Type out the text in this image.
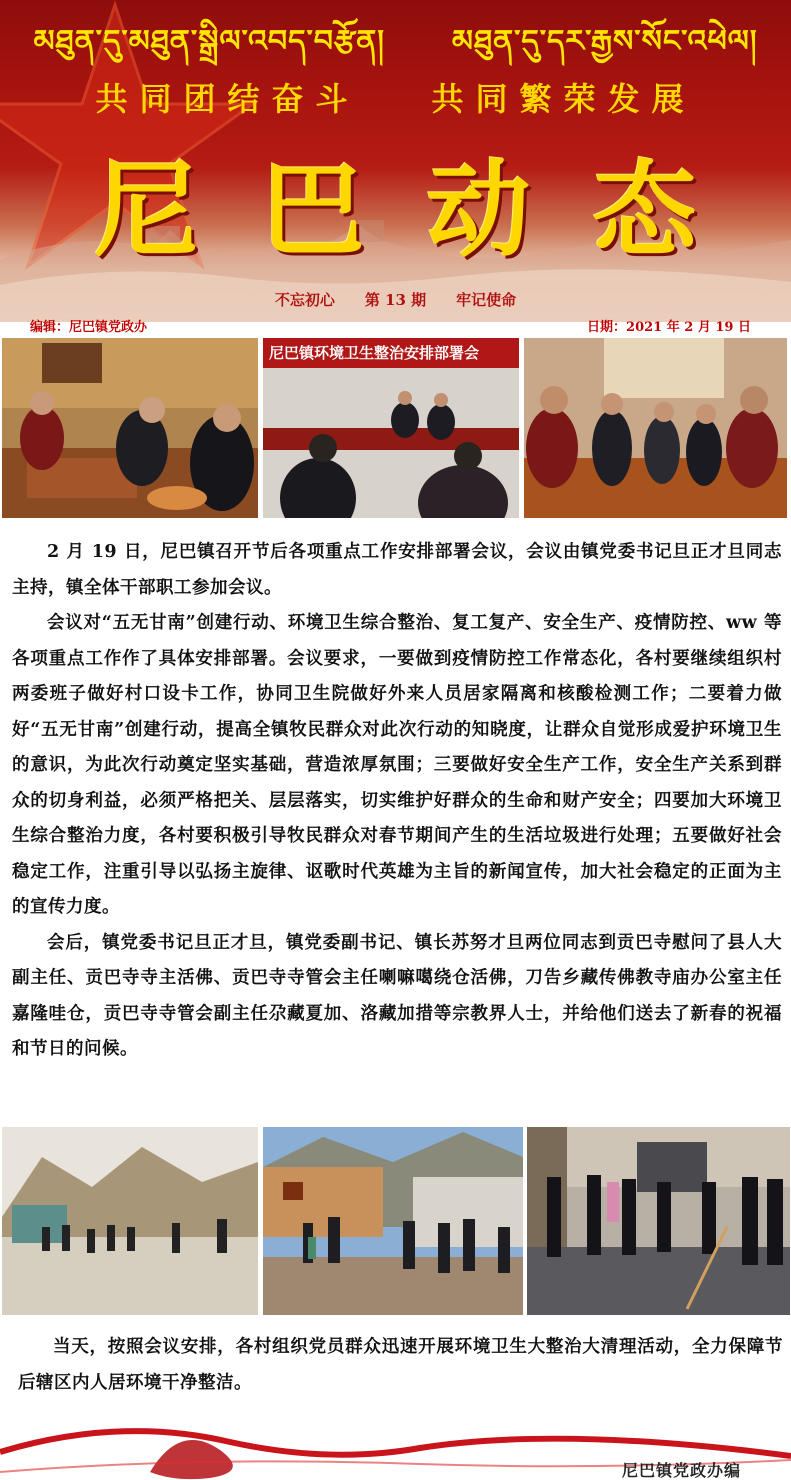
མཐུན་དུ་མཐུན་སྒྲིལ་འབད་བརྩོན། མཐུན་དུ་དར་རྒྱས་སོང་འཕེལ།
共同团结奋斗 共同繁荣发展
尼 巴 动 态
不忘初心 第 13 期 牢记使命
编辑：尼巴镇党政办	日期：2021 年 2 月 19 日
尼巴镇环境卫生整治安排部署会

2 月 19 日，尼巴镇召开节后各项重点工作安排部署会议，会议由镇党委书记旦正才旦同志主持，镇全体干部职工参加会议。

会议对“五无甘南”创建行动、环境卫生综合整治、复工复产、安全生产、疫情防控、ww 等各项重点工作作了具体安排部署。会议要求，一要做到疫情防控工作常态化，各村要继续组织村两委班子做好村口设卡工作，协同卫生院做好外来人员居家隔离和核酸检测工作；二要着力做好“五无甘南”创建行动，提高全镇牧民群众对此次行动的知晓度，让群众自觉形成爱护环境卫生的意识，为此次行动奠定坚实基础，营造浓厚氛围；三要做好安全生产工作，安全生产关系到群众的切身利益，必须严格把关、层层落实，切实维护好群众的生命和财产安全；四要加大环境卫生综合整治力度，各村要积极引导牧民群众对春节期间产生的生活垃圾进行处理；五要做好社会稳定工作，注重引导以弘扬主旋律、讴歌时代英雄为主旨的新闻宣传，加大社会稳定的正面为主的宣传力度。

会后，镇党委书记旦正才旦，镇党委副书记、镇长苏努才旦两位同志到贡巴寺慰问了县人大副主任、贡巴寺寺主活佛、贡巴寺寺管会主任喇嘛噶绕仓活佛，刀告乡藏传佛教寺庙办公室主任嘉隆哇仓，贡巴寺寺管会副主任尕藏夏加、洛藏加措等宗教界人士，并给他们送去了新春的祝福和节日的问候。

当天，按照会议安排，各村组织党员群众迅速开展环境卫生大整治大清理活动，全力保障节后辖区内人居环境干净整洁。

尼巴镇党政办编
